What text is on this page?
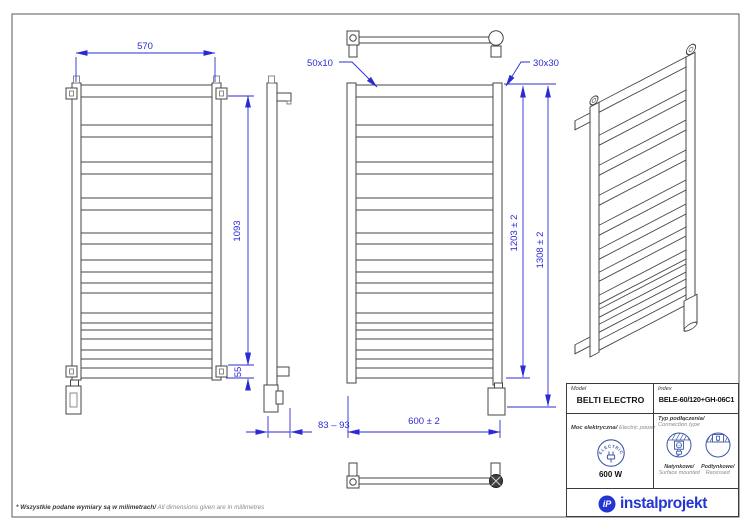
570
1093
55
50x10	30x30
1203 ± 2 1308 ± 2
600 ± 2
83 – 93
Model
BELTI ELECTRO
Index
BELE-60/120+GH-06C1
Moc elektryczna/ Electric power
ELECTRIC
600 W
Typ podłączenia/
Connection type
Natynkowe/
Surface mounted
Podtynkowe/
Recessed
iP instalprojekt
* Wszystkie podane wymiary są w milimetrach/ All dimensions given are in millimetres
